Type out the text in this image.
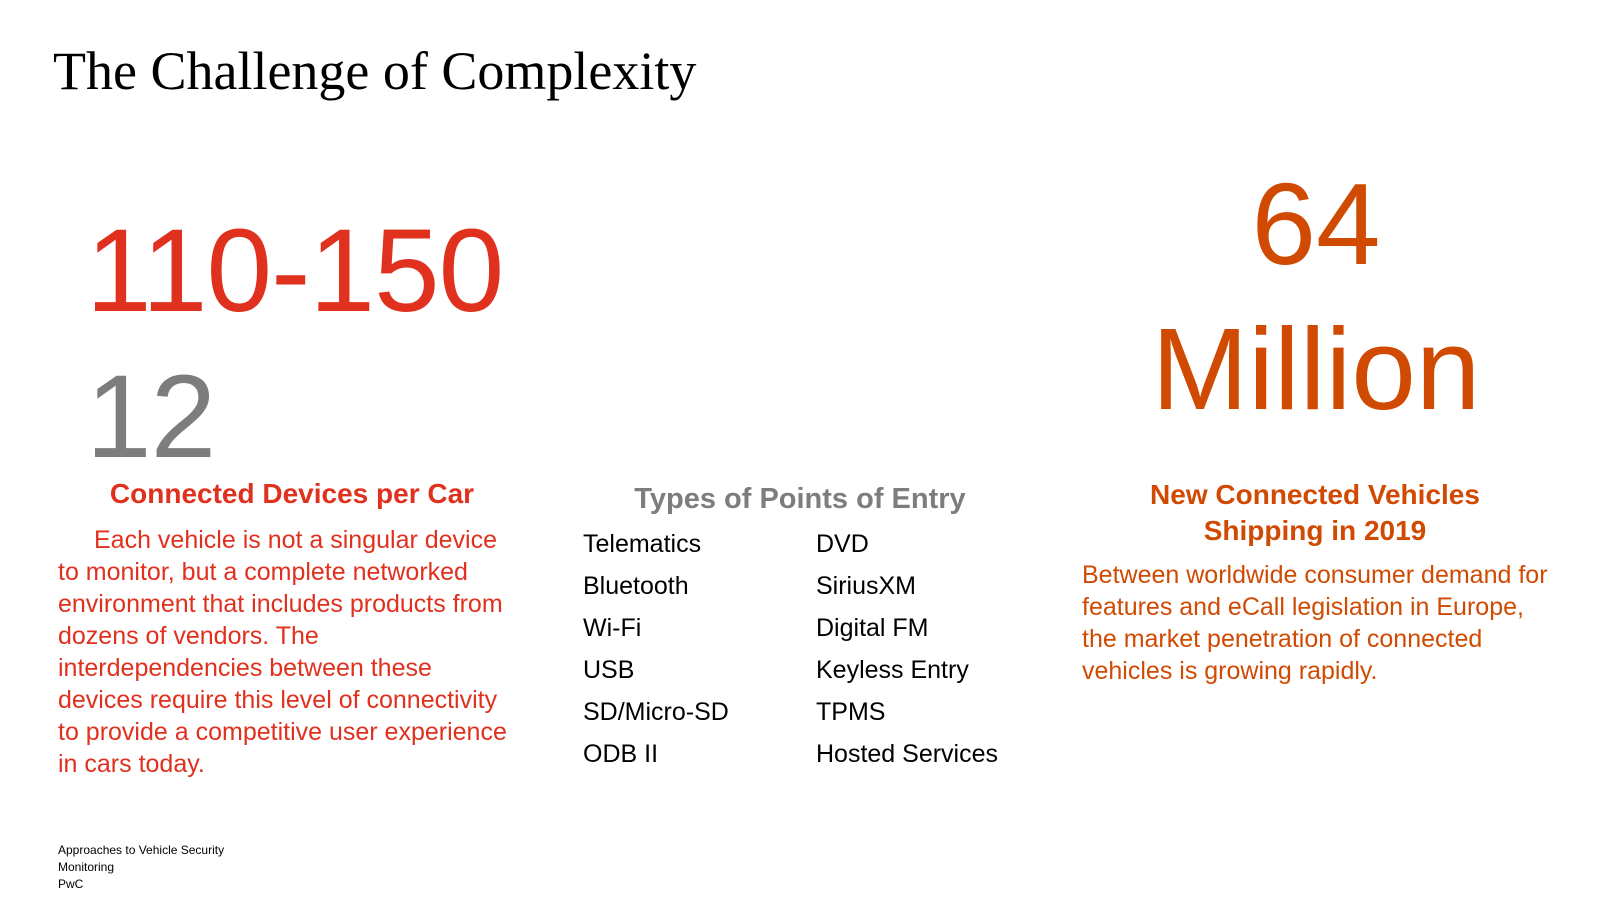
The Challenge of Complexity
110-150
12

Connected Devices per Car

Each vehicle is not a singular device to monitor, but a complete networked environment that includes products from dozens of vendors. The interdependencies between these devices require this level of connectivity to provide a competitive user experience in cars today.

Types of Points of Entry

Telematics
Bluetooth
Wi-Fi
USB
SD/Micro-SD
ODB II
DVD
SiriusXM
Digital FM
Keyless Entry
TPMS
Hosted Services
64
Million
New Connected Vehicles
Shipping in 2019

Between worldwide consumer demand for features and eCall legislation in Europe, the market penetration of connected vehicles is growing rapidly.

Approaches to Vehicle Security
Monitoring
PwC
